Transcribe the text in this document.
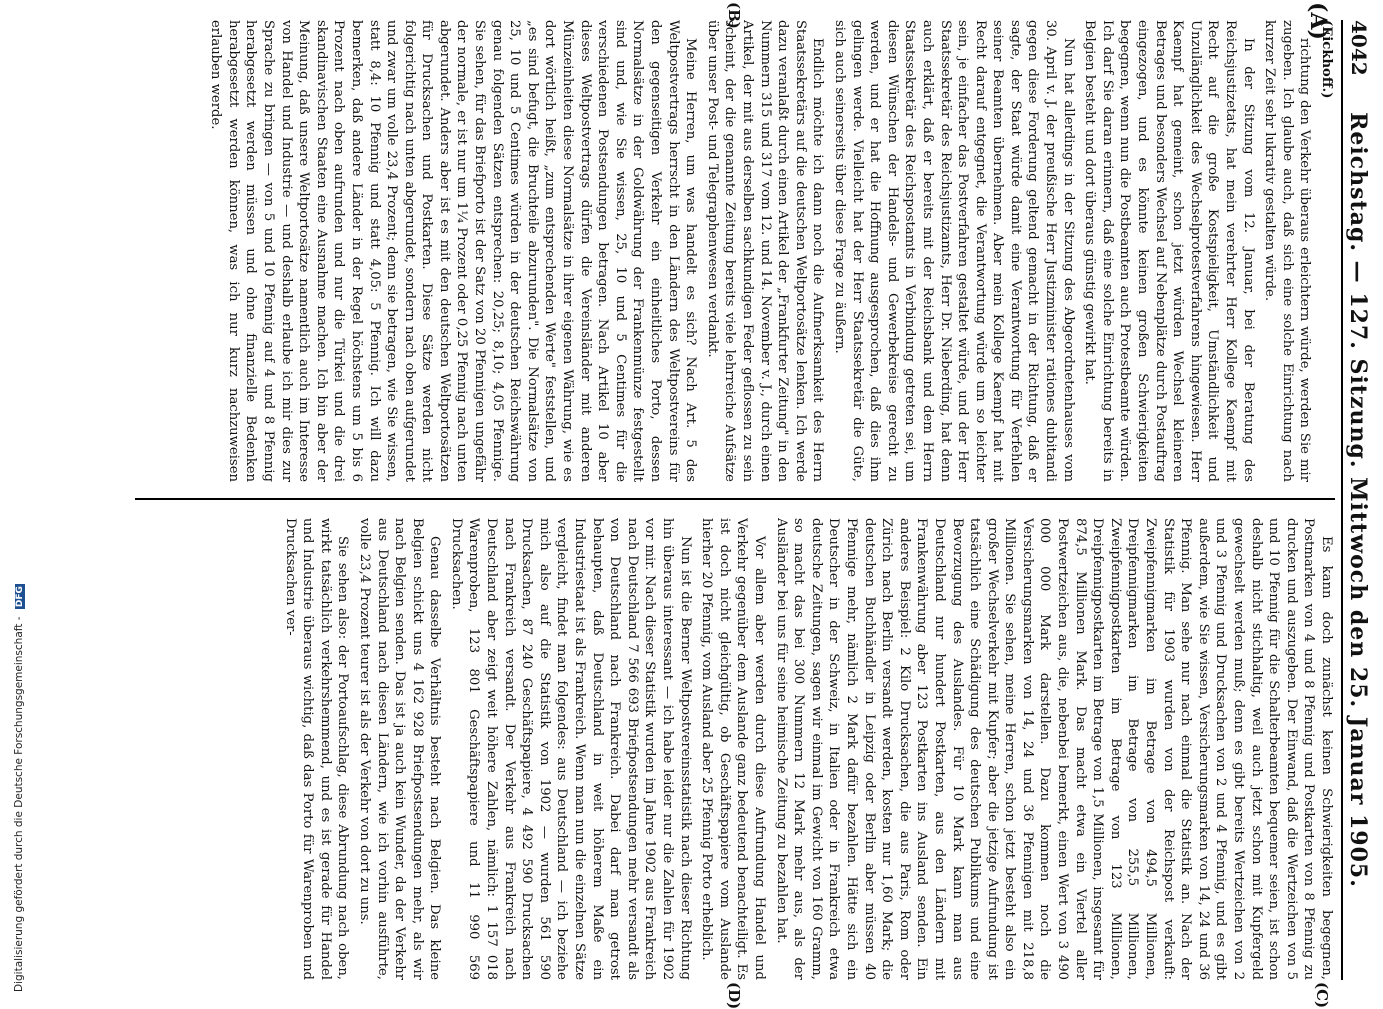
4042
Reichstag. — 127. Sitzung. Mittwoch den 25. Januar 1905.
(A)
(B)
(C)
(D)

(Eickhoff.)

richtung den Verkehr überaus erleichtern würde, werden Sie mir zugeben. Ich glaube auch, daß sich eine solche Einrichtung nach kurzer Zeit sehr lukrativ gestalten würde.

In der Sitzung vom 12. Januar, bei der Beratung des Reichsjustizetats, hat mein verehrter Herr Kollege Kaempf mit Recht auf die große Kostspieligkeit, Umständlichkeit und Unzulänglichkeit des Wechselprotestverfahrens hingewiesen. Herr Kaempf hat gemeint, schon jetzt würden Wechsel kleineren Betrages und besonders Wechsel auf Nebenplätze durch Postauftrag eingezogen, und es könnte keinen großen Schwierigkeiten begegnen, wenn nun die Postbeamten auch Protestbeamte würden. Ich darf Sie daran erinnern, daß eine solche Einrichtung bereits in Belgien besteht und dort überaus günstig gewirkt hat.

Nun hat allerdings in der Sitzung des Abgeordnetenhauses vom 30. April v. J. der preußische Herr Justizminister rationes dubitandi gegen diese Forderung geltend gemacht in der Richtung, daß er sagte, der Staat würde damit eine Verantwortung für Verfehlen seiner Beamten übernehmen. Aber mein Kollege Kaempf hat mit Recht darauf entgegnet, die Verantwortung würde um so leichter sein, je einfacher das Postverfahren gestaltet würde, und der Herr Staatssekretär des Reichsjustizamts, Herr Dr. Nieberding, hat denn auch erklärt, daß er bereits mit der Reichsbank und dem Herrn Staatssekretär des Reichspostamts in Verbindung getreten sei, um diesen Wünschen der Handels- und Gewerbekreise gerecht zu werden, und er hat die Hoffnung ausgesprochen, daß dies ihm gelingen werde. Vielleicht hat der Herr Staatssekretär die Güte, sich auch seinerseits über diese Frage zu äußern.

Endlich möchte ich dann noch die Aufmerksamkeit des Herrn Staatssekretärs auf die deutschen Weltportosätze lenken. Ich werde dazu veranlaßt durch einen Artikel der „Frankfurter Zeitung" in den Nummern 315 und 317 vom 12. und 14. November v. J., durch einen Artikel, der mit aus derselben sachkundigen Feder geflossen zu sein scheint, der die genannte Zeitung bereits viele lehrreiche Aufsätze über unser Post- und Telegraphenwesen verdankt.

Meine Herren, um was handelt es sich? Nach Art. 5 des Weltpostvertrags herrscht in den Ländern des Weltpostvereins für den gegenseitigen Verkehr ein einheitliches Porto, dessen Normalsätze in der Goldwährung der Frankenmünze festgestellt sind und, wie Sie wissen, 25, 10 und 5 Centimes für die verschiedenen Postsendungen betragen. Nach Artikel 10 aber dieses Weltpostvertrags dürfen die Vereinsländer mit anderen Münzeinheiten diese Normalsätze in ihrer eigenen Währung, wie es dort wörtlich heißt, „zum entsprechenden Werte" feststellen, und „es sind befugt, die Bruchteile abzurunden". Die Normalsätze von 25, 10 und 5 Centimes würden in der deutschen Reichswährung genau folgenden Sätzen entsprechen: 20,25; 8,10; 4,05 Pfennige. Sie sehen, für das Briefporto ist der Satz von 20 Pfennigen ungefähr der normale, er ist nur um 1¼ Prozent oder 0,25 Pfennig nach unten abgerundet. Anders aber ist es mit den deutschen Weltportosätzen für Drucksachen und Postkarten. Diese Sätze werden nicht folgerichtig nach unten abgerundet, sondern nach oben aufgerundet und zwar um volle 23,4 Prozent; denn sie betragen, wie Sie wissen, statt 8,4: 10 Pfennig und statt 4,05: 5 Pfennig. Ich will dazu bemerken, daß andere Länder in der Regel höchstens um 5 bis 6 Prozent nach oben aufrunden und nur die Türkei und die drei skandinavischen Staaten eine Ausnahme machen. Ich bin aber der Meinung, daß unsere Weltportosätze namentlich auch im Interesse von Handel und Industrie — und deshalb erlaube ich mir dies zur Sprache zu bringen — von 5 und 10 Pfennig auf 4 und 8 Pfennig herabgesetzt werden müssen und ohne finanzielle Bedenken herabgesetzt werden können, was ich nur kurz nachzuweisen erlauben werde.

Es kann doch zunächst keinen Schwierigkeiten begegnen, Postmarken von 4 und 8 Pfennig und Postkarten von 8 Pfennig zu drucken und auszugeben. Der Einwand, daß die Wertzeichen von 5 und 10 Pfennig für die Schalterbeamten bequemer seien, ist schon deshalb nicht stichhaltig, weil auch jetzt schon mit Kupfergeld gewechselt werden muß; denn es gibt bereits Wertzeichen von 2 und 3 Pfennig und Drucksachen von 2 und 4 Pfennig, und es gibt außerdem, wie Sie wissen, Versicherungsmarken von 14, 24 und 36 Pfennig. Man sehe nur nach einmal die Statistik an. Nach der Statistik für 1903 wurden von der Reichspost verkauft: Zweipfennigmarken im Betrage von 494,5 Millionen, Dreipfennigmarken im Betrage von 255,5 Millionen, Zweipfennigpostkarten im Betrage von 123 Millionen, Dreipfennigpostkarten im Betrage von 1,5 Millionen, insgesamt für 874,5 Millionen Mark. Das macht etwa ein Viertel aller Postwertzeichen aus, die, nebenbei bemerkt, einen Wert von 3 490 000 000 Mark darstellen. Dazu kommen noch die Versicherungsmarken von 14, 24 und 36 Pfennigen mit 218,8 Millionen. Sie sehen, meine Herren, schon jetzt besteht also ein großer Wechselverkehr mit Kupfer; aber die jetzige Aufrundung ist tatsächlich eine Schädigung des deutschen Publikums und eine Bevorzugung des Auslandes. Für 10 Mark kann man aus Deutschland nur hundert Postkarten, aus den Ländern mit Frankenwährung aber 123 Postkarten ins Ausland senden. Ein anderes Beispiel: 2 Kilo Drucksachen, die aus Paris, Rom oder Zürich nach Berlin versandt werden, kosten nur 1,60 Mark; die deutschen Buchhändler in Leipzig oder Berlin aber müssen 40 Pfennige mehr, nämlich 2 Mark dafür bezahlen. Hätte sich ein Deutscher in der Schweiz, in Italien oder in Frankreich etwa deutsche Zeitungen, sagen wir einmal im Gewicht von 160 Gramm, so macht das bei 300 Nummern 12 Mark mehr aus, als der Ausländer bei uns für seine heimische Zeitung zu bezahlen hat.

Vor allem aber werden durch diese Aufrundung Handel und Verkehr gegenüber dem Auslande ganz bedeutend benachteiligt. Es ist doch nicht gleichgültig, ob Geschäftspapiere vom Auslande hierher 20 Pfennig, vom Ausland aber 25 Pfennig Porto erheblich.

Nun ist die Berner Weltpostvereinsstatistik nach dieser Richtung hin überaus interessant — ich habe leider nur die Zahlen für 1902 vor mir. Nach dieser Statistik wurden im Jahre 1902 aus Frankreich nach Deutschland 7 566 693 Briefpostsendungen mehr versandt als von Deutschland nach Frankreich. Dabei darf man getrost behaupten, daß Deutschland in weit höherem Maße ein Industriestaat ist als Frankreich. Wenn man nun die einzelnen Sätze vergleicht, findet man folgendes: aus Deutschland — ich beziehe mich also auf die Statistik von 1902 — wurden 561 590 Drucksachen, 87 240 Geschäftspapiere, 4 492 590 Drucksachen nach Frankreich versandt. Der Verkehr aus Frankreich nach Deutschland aber zeigt weit höhere Zahlen, nämlich: 1 157 018 Warenproben, 123 801 Geschäftspapiere und 11 990 569 Drucksachen.

Genau dasselbe Verhältnis besteht nach Belgien. Das kleine Belgien schickt uns 4 162 928 Briefpostsendungen mehr, als wir nach Belgien senden. Das ist ja auch kein Wunder, da der Verkehr aus Deutschland nach diesen Ländern, wie ich vorhin ausführte, volle 23,4 Prozent teurer ist als der Verkehr von dort zu uns.

Sie sehen also: der Portoaufschlag, diese Abrundung nach oben, wirkt tatsächlich verkehrshemmend, und es ist gerade für Handel und Industrie überaus wichtig, daß das Porto für Warenproben und Drucksachen ver-

Digitalisierung gefördert durch die Deutsche Forschungsgemeinschaft - DFG
